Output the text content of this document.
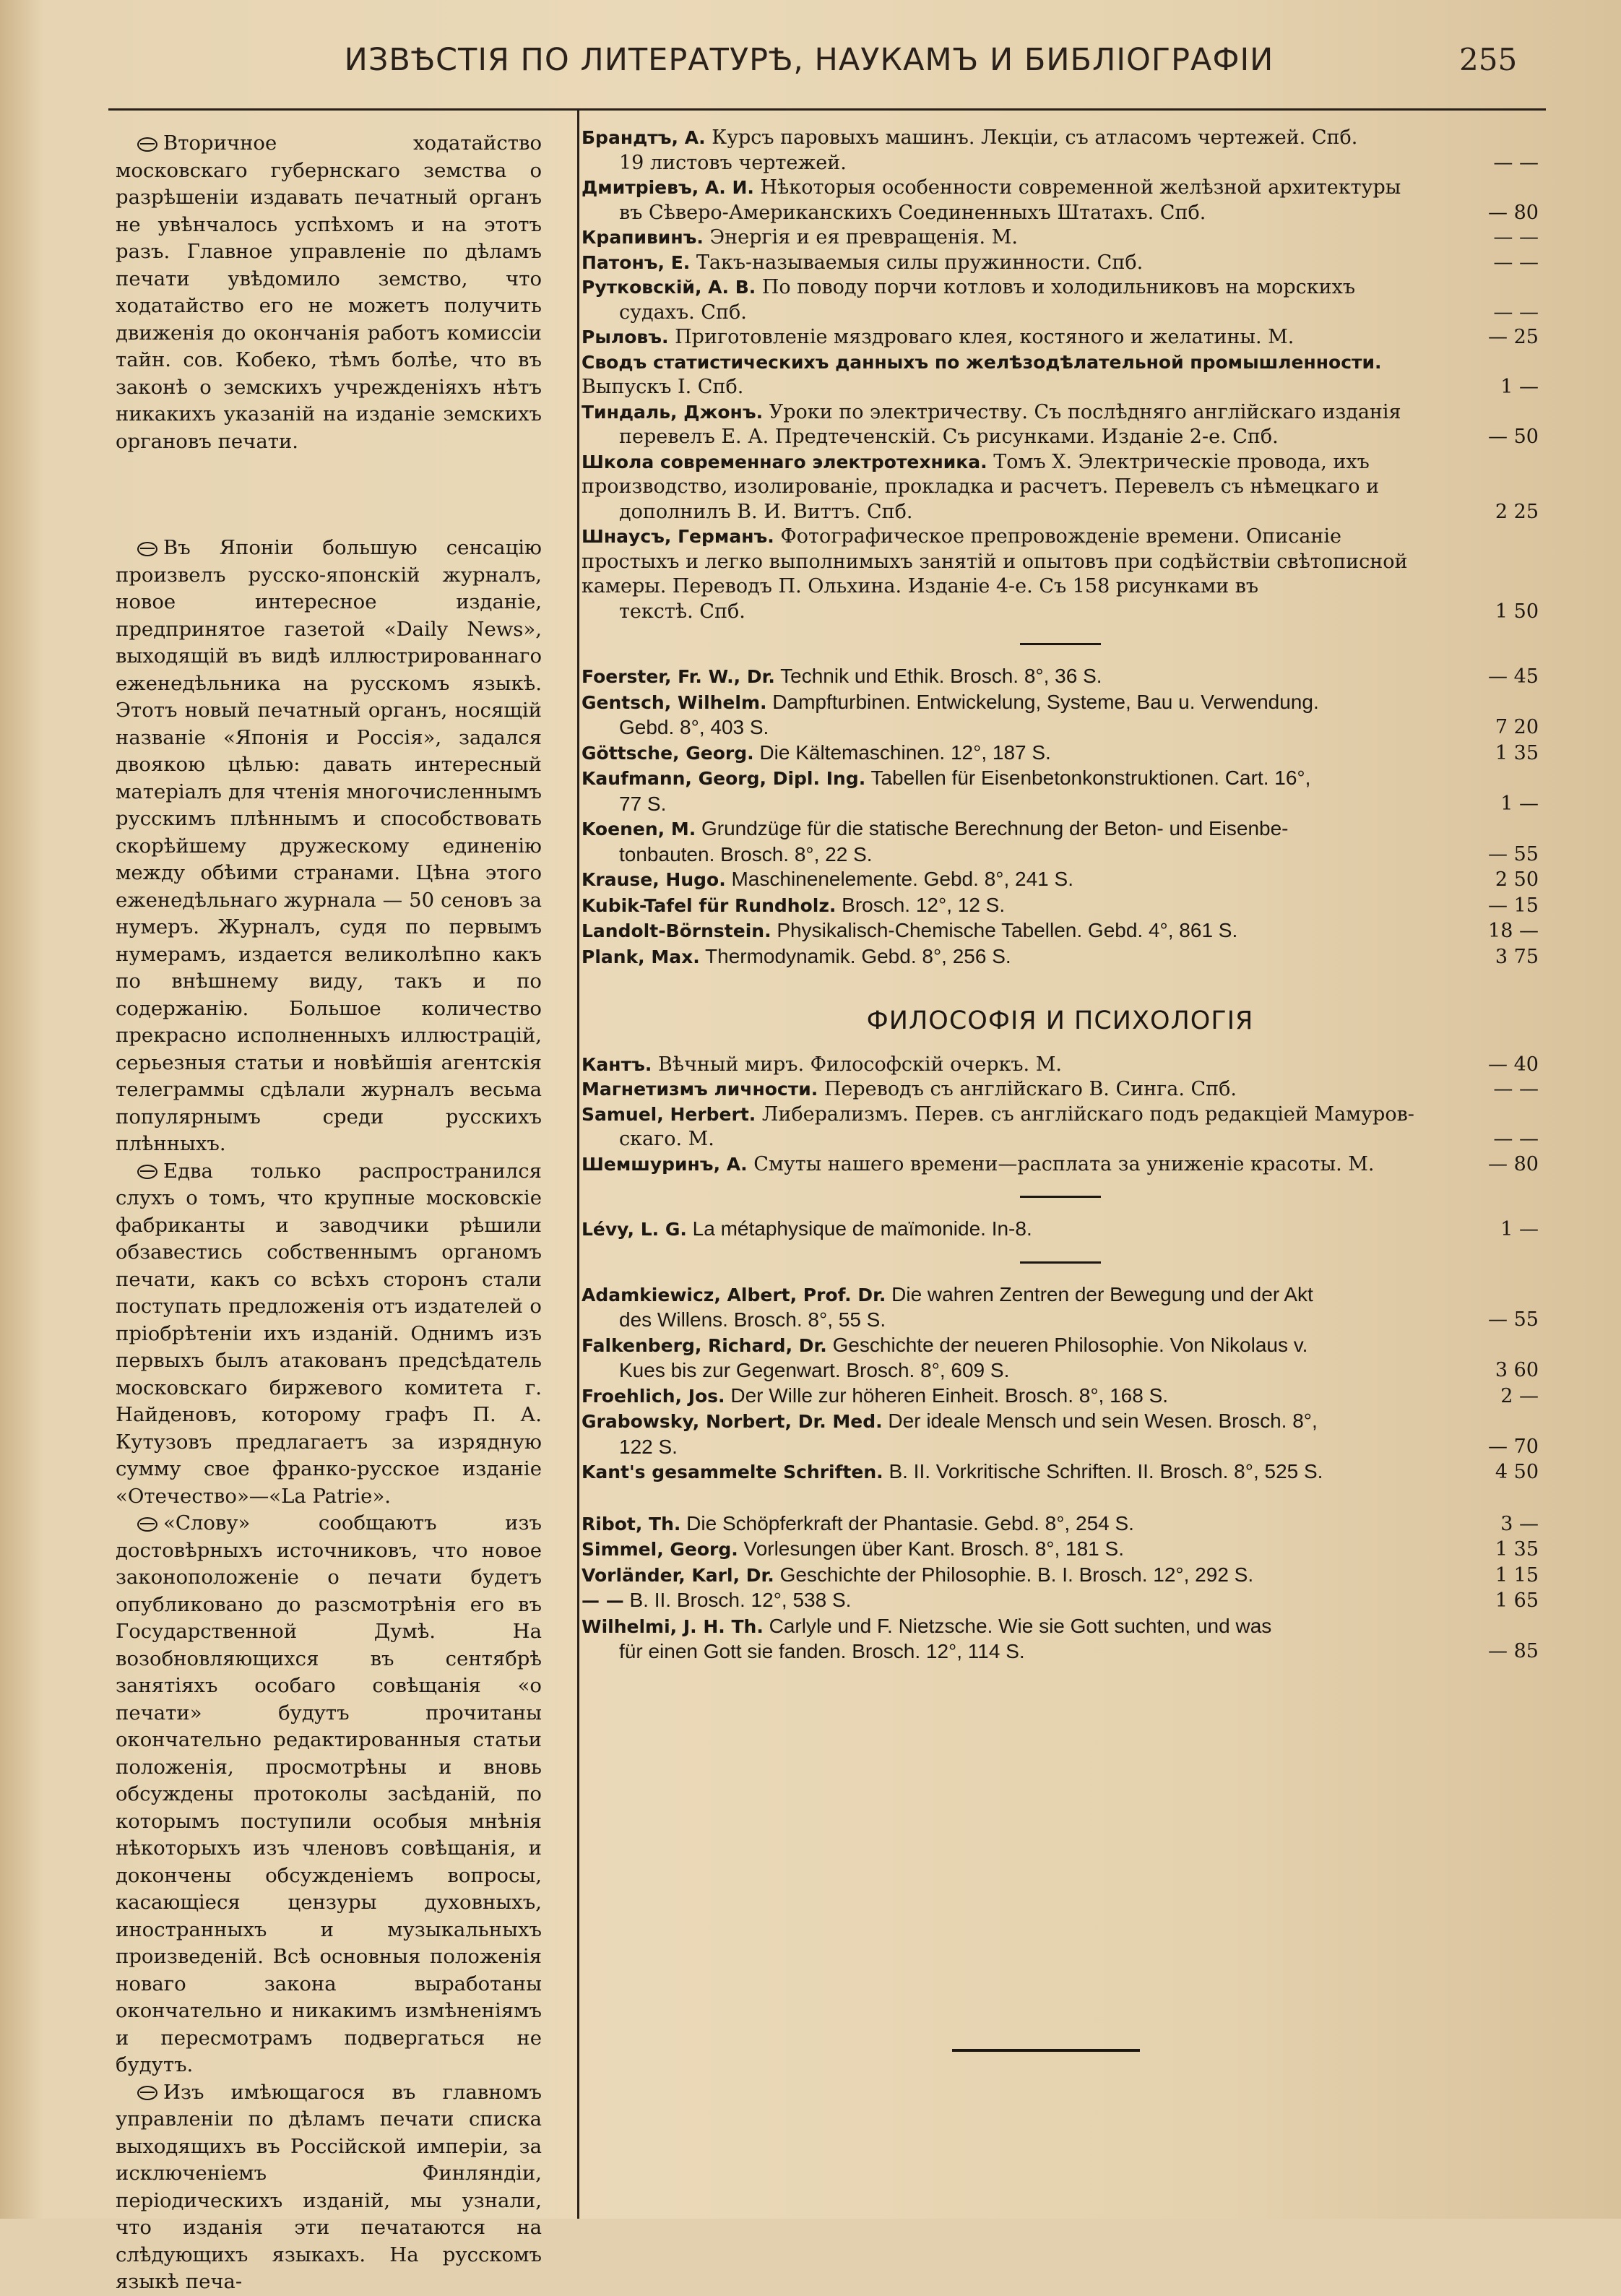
ИЗВѢСТІЯ ПО ЛИТЕРАТУРѢ, НАУКАМЪ И БИБЛІОГРАФІИ	255

Вторичное ходатайство московскаго губернскаго земства о разрѣшеніи издавать печатный органъ не увѣнчалось успѣхомъ и на этотъ разъ. Главное управленіе по дѣламъ печати увѣдомило земство, что ходатайство его не можетъ получить движенія до окончанія работъ комиссіи тайн. сов. Кобеко, тѣмъ болѣе, что въ законѣ о земскихъ учрежденіяхъ нѣтъ никакихъ указаній на изданіе земскихъ органовъ печати.

Въ Японіи большую сенсацію произвелъ русско-японскій журналъ, новое интересное изданіе, предпринятое газетой «Daily News», выходящій въ видѣ иллюстрированнаго еженедѣльника на русскомъ языкѣ. Этотъ новый печатный органъ, носящій названіе «Японія и Россія», задался двоякою цѣлью: давать интересный матеріалъ для чтенія многочисленнымъ русскимъ плѣннымъ и способствовать скорѣйшему дружескому единенію между обѣими странами. Цѣна этого еженедѣльнаго журнала — 50 сеновъ за нумеръ. Журналъ, судя по первымъ нумерамъ, издается великолѣпно какъ по внѣшнему виду, такъ и по содержанію. Большое количество прекрасно исполненныхъ иллюстрацій, серьезныя статьи и новѣйшія агентскія телеграммы сдѣлали журналъ весьма популярнымъ среди русскихъ плѣнныхъ.

Едва только распространился слухъ о томъ, что крупные московскіе фабриканты и заводчики рѣшили обзавестись собственнымъ органомъ печати, какъ со всѣхъ сторонъ стали поступать предложенія отъ издателей о пріобрѣтеніи ихъ изданій. Однимъ изъ первыхъ былъ атакованъ предсѣдатель московскаго биржевого комитета г. Найденовъ, которому графъ П. А. Кутузовъ предлагаетъ за изрядную сумму свое франко-русское изданіе «Отечество»—«La Patrie».

«Слову» сообщаютъ изъ достовѣрныхъ источниковъ, что новое законоположеніе о печати будетъ опубликовано до разсмотрѣнія его въ Государственной Думѣ. На возобновляющихся въ сентябрѣ занятіяхъ особаго совѣщанія «о печати» будутъ прочитаны окончательно редактированныя статьи положенія, просмотрѣны и вновь обсуждены протоколы засѣданій, по которымъ поступили особыя мнѣнія нѣкоторыхъ изъ членовъ совѣщанія, и докончены обсужденіемъ вопросы, касающіеся цензуры духовныхъ, иностранныхъ и музыкальныхъ произведеній. Всѣ основныя положенія новаго закона выработаны окончательно и никакимъ измѣненіямъ и пересмотрамъ подвергаться не будутъ.

Изъ имѣющагося въ главномъ управленіи по дѣламъ печати списка выходящихъ въ Россійской имперіи, за исключеніемъ Финляндіи, періодическихъ изданій, мы узнали, что изданія эти печатаются на слѣдующихъ языкахъ. На русскомъ языкѣ печа-

Брандтъ, А. Курсъ паровыхъ машинъ. Лекціи, съ атласомъ чертежей. Спб.
19 листовъ чертежей.	— —
Дмитріевъ, А. И. Нѣкоторыя особенности современной желѣзной архитектуры
въ Сѣверо-Американскихъ Соединенныхъ Штатахъ. Спб.	— 80
Крапивинъ. Энергія и ея превращенія. М.	— —
Патонъ, Е. Такъ-называемыя силы пружинности. Спб.	— —
Рутковскій, А. В. По поводу порчи котловъ и холодильниковъ на морскихъ
судахъ. Спб.	— —
Рыловъ. Приготовленіе мяздроваго клея, костяного и желатины. М.	— 25
Сводъ статистическихъ данныхъ по желѣзодѣлательной промышленности. Выпускъ I. Спб.	1 —
Тиндаль, Джонъ. Уроки по электричеству. Съ послѣдняго англійскаго изданія
перевелъ Е. А. Предтеченскій. Съ рисунками. Изданіе 2-е. Спб.	— 50
Школа современнаго электротехника. Томъ X. Электрическіе провода, ихъ производство, изолированіе, прокладка и расчетъ. Перевелъ съ нѣмецкаго и
дополнилъ В. И. Виттъ. Спб.	2 25
Шнаусъ, Германъ. Фотографическое препровожденіе времени. Описаніе простыхъ и легко выполнимыхъ занятій и опытовъ при содѣйствіи свѣтописной камеры. Переводъ П. Ольхина. Изданіе 4-е. Съ 158 рисунками въ
текстѣ. Спб.	1 50
Foerster, Fr. W., Dr. Technik und Ethik. Brosch. 8°, 36 S.	— 45
Gentsch, Wilhelm. Dampfturbinen. Entwickelung, Systeme, Bau u. Verwendung.
Gebd. 8°, 403 S.	7 20
Göttsche, Georg. Die Kältemaschinen. 12°, 187 S.	1 35
Kaufmann, Georg, Dipl. Ing. Tabellen für Eisenbetonkonstruktionen. Cart. 16°,
77 S.	1 —
Koenen, M. Grundzüge für die statische Berechnung der Beton- und Eisenbe-
tonbauten. Brosch. 8°, 22 S.	— 55
Krause, Hugo. Maschinenelemente. Gebd. 8°, 241 S.	2 50
Kubik-Tafel für Rundholz. Brosch. 12°, 12 S.	— 15
Landolt-Börnstein. Physikalisch-Chemische Tabellen. Gebd. 4°, 861 S.	18 —
Plank, Max. Thermodynamik. Gebd. 8°, 256 S.	3 75
ФИЛОСОФІЯ И ПСИХОЛОГІЯ
Кантъ. Вѣчный миръ. Философскій очеркъ. М.	— 40
Магнетизмъ личности. Переводъ съ англійскаго В. Синга. Спб.	— —
Samuel, Herbert. Либерализмъ. Перев. съ англійскаго подъ редакціей Мамуров-
скаго. М.	— —
Шемшуринъ, А. Смуты нашего времени—расплата за униженіе красоты. М.	— 80
Lévy, L. G. La métaphysique de maïmonide. In-8.	1 —
Adamkiewicz, Albert, Prof. Dr. Die wahren Zentren der Bewegung und der Akt
des Willens. Brosch. 8°, 55 S.	— 55
Falkenberg, Richard, Dr. Geschichte der neueren Philosophie. Von Nikolaus v.
Kues bis zur Gegenwart. Brosch. 8°, 609 S.	3 60
Froehlich, Jos. Der Wille zur höheren Einheit. Brosch. 8°, 168 S.	2 —
Grabowsky, Norbert, Dr. Med. Der ideale Mensch und sein Wesen. Brosch. 8°,
122 S.	— 70
Kant's gesammelte Schriften. B. II. Vorkritische Schriften. II. Brosch. 8°, 525 S.	4 50
Ribot, Th. Die Schöpferkraft der Phantasie. Gebd. 8°, 254 S.	3 —
Simmel, Georg. Vorlesungen über Kant. Brosch. 8°, 181 S.	1 35
Vorländer, Karl, Dr. Geschichte der Philosophie. B. I. Brosch. 12°, 292 S.	1 15
— — B. II. Brosch. 12°, 538 S.	1 65
Wilhelmi, J. H. Th. Carlyle und F. Nietzsche. Wie sie Gott suchten, und was
für einen Gott sie fanden. Brosch. 12°, 114 S.	— 85
